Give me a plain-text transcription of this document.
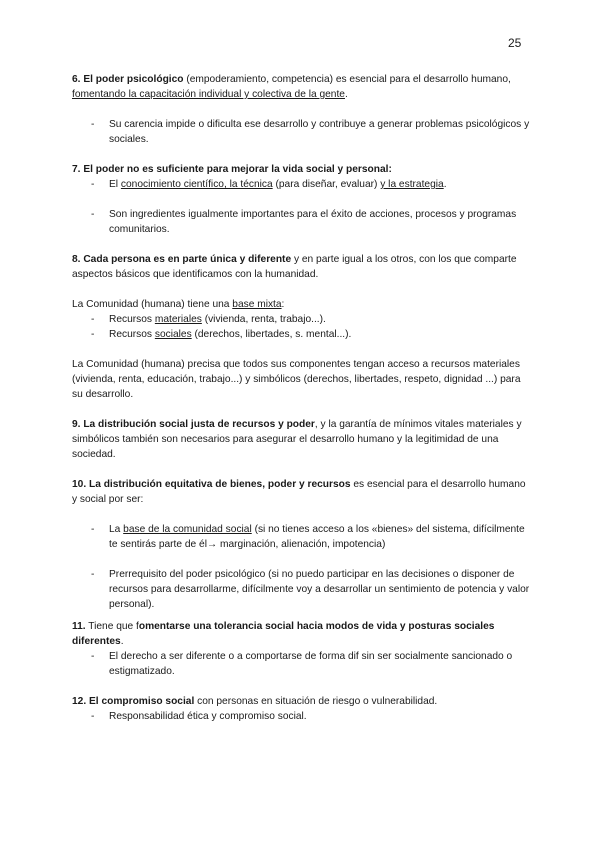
25

6. El poder psicológico (empoderamiento, competencia) es esencial para el desarrollo humano, fomentando la capacitación individual y colectiva de la gente.

- Su carencia impide o dificulta ese desarrollo y contribuye a generar problemas psicológicos y sociales.

7. El poder no es suficiente para mejorar la vida social y personal:

- El conocimiento científico, la técnica (para diseñar, evaluar) y la estrategia.
- Son ingredientes igualmente importantes para el éxito de acciones, procesos y programas comunitarios.

8. Cada persona es en parte única y diferente y en parte igual a los otros, con los que comparte aspectos básicos que identificamos con la humanidad.

La Comunidad (humana) tiene una base mixta:

- Recursos materiales (vivienda, renta, trabajo...).
- Recursos sociales (derechos, libertades, s. mental...).

La Comunidad (humana) precisa que todos sus componentes tengan acceso a recursos materiales (vivienda, renta, educación, trabajo...) y simbólicos (derechos, libertades, respeto, dignidad ...) para su desarrollo.

9. La distribución social justa de recursos y poder, y la garantía de mínimos vitales materiales y simbólicos también son necesarios para asegurar el desarrollo humano y la legitimidad de una sociedad.

10. La distribución equitativa de bienes, poder y recursos es esencial para el desarrollo humano y social por ser:

- La base de la comunidad social (si no tienes acceso a los «bienes» del sistema, difícilmente te sentirás parte de él→ marginación, alienación, impotencia)
- Prerrequisito del poder psicológico (si no puedo participar en las decisiones o disponer de recursos para desarrollarme, difícilmente voy a desarrollar un sentimiento de potencia y valor personal).

11. Tiene que fomentarse una tolerancia social hacia modos de vida y posturas sociales diferentes.

- El derecho a ser diferente o a comportarse de forma dif sin ser socialmente sancionado o estigmatizado.

12. El compromiso social con personas en situación de riesgo o vulnerabilidad.

- Responsabilidad ética y compromiso social.
